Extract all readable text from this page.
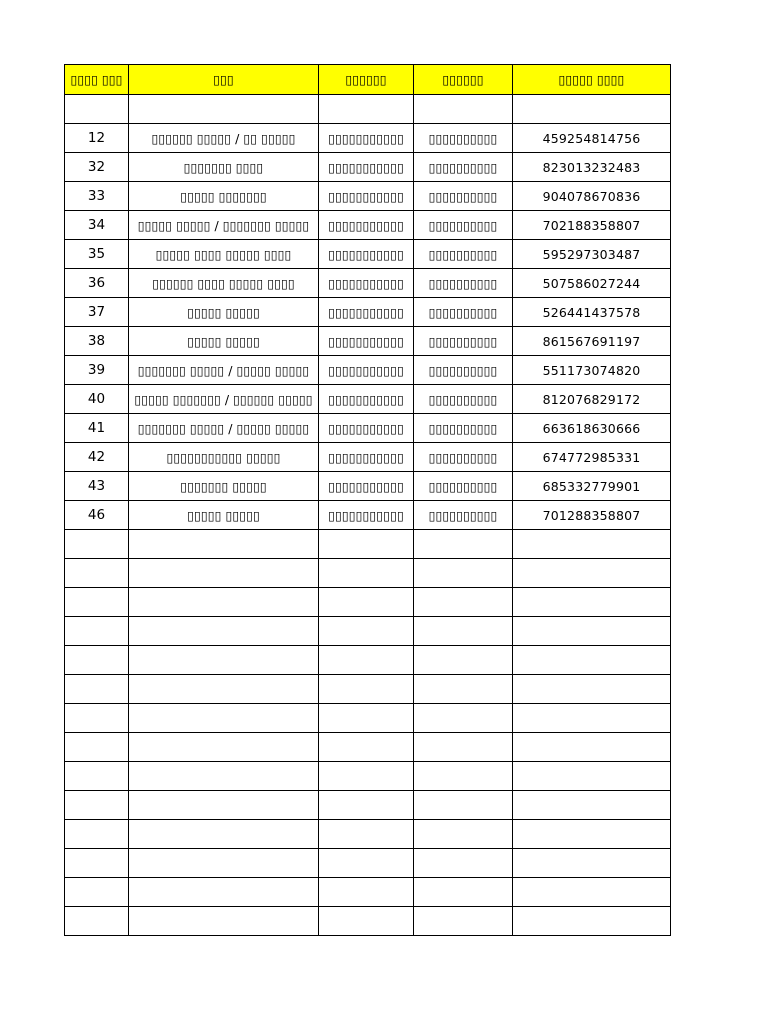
▯▯▯▯ ▯▯▯	▯▯▯	▯▯▯▯▯▯	▯▯▯▯▯▯	▯▯▯▯▯ ▯▯▯▯

12	▯▯▯▯▯▯ ▯▯▯▯▯ / ▯▯ ▯▯▯▯▯	▯▯▯▯▯▯▯▯▯▯▯	▯▯▯▯▯▯▯▯▯▯	459254814756
32	▯▯▯▯▯▯▯ ▯▯▯▯	▯▯▯▯▯▯▯▯▯▯▯	▯▯▯▯▯▯▯▯▯▯	823013232483
33	▯▯▯▯▯ ▯▯▯▯▯▯▯	▯▯▯▯▯▯▯▯▯▯▯	▯▯▯▯▯▯▯▯▯▯	904078670836
34	▯▯▯▯▯ ▯▯▯▯▯ / ▯▯▯▯▯▯▯ ▯▯▯▯▯	▯▯▯▯▯▯▯▯▯▯▯	▯▯▯▯▯▯▯▯▯▯	702188358807
35	▯▯▯▯▯ ▯▯▯▯ ▯▯▯▯▯ ▯▯▯▯	▯▯▯▯▯▯▯▯▯▯▯	▯▯▯▯▯▯▯▯▯▯	595297303487
36	▯▯▯▯▯▯ ▯▯▯▯ ▯▯▯▯▯ ▯▯▯▯	▯▯▯▯▯▯▯▯▯▯▯	▯▯▯▯▯▯▯▯▯▯	507586027244
37	▯▯▯▯▯ ▯▯▯▯▯	▯▯▯▯▯▯▯▯▯▯▯	▯▯▯▯▯▯▯▯▯▯	526441437578
38	▯▯▯▯▯ ▯▯▯▯▯	▯▯▯▯▯▯▯▯▯▯▯	▯▯▯▯▯▯▯▯▯▯	861567691197
39	▯▯▯▯▯▯▯ ▯▯▯▯▯ / ▯▯▯▯▯ ▯▯▯▯▯	▯▯▯▯▯▯▯▯▯▯▯	▯▯▯▯▯▯▯▯▯▯	551173074820
40	▯▯▯▯▯ ▯▯▯▯▯▯▯ / ▯▯▯▯▯▯ ▯▯▯▯▯	▯▯▯▯▯▯▯▯▯▯▯	▯▯▯▯▯▯▯▯▯▯	812076829172
41	▯▯▯▯▯▯▯ ▯▯▯▯▯ / ▯▯▯▯▯ ▯▯▯▯▯	▯▯▯▯▯▯▯▯▯▯▯	▯▯▯▯▯▯▯▯▯▯	663618630666
42	▯▯▯▯▯▯▯▯▯▯▯ ▯▯▯▯▯	▯▯▯▯▯▯▯▯▯▯▯	▯▯▯▯▯▯▯▯▯▯	674772985331
43	▯▯▯▯▯▯▯ ▯▯▯▯▯	▯▯▯▯▯▯▯▯▯▯▯	▯▯▯▯▯▯▯▯▯▯	685332779901
46	▯▯▯▯▯ ▯▯▯▯▯	▯▯▯▯▯▯▯▯▯▯▯	▯▯▯▯▯▯▯▯▯▯	701288358807
